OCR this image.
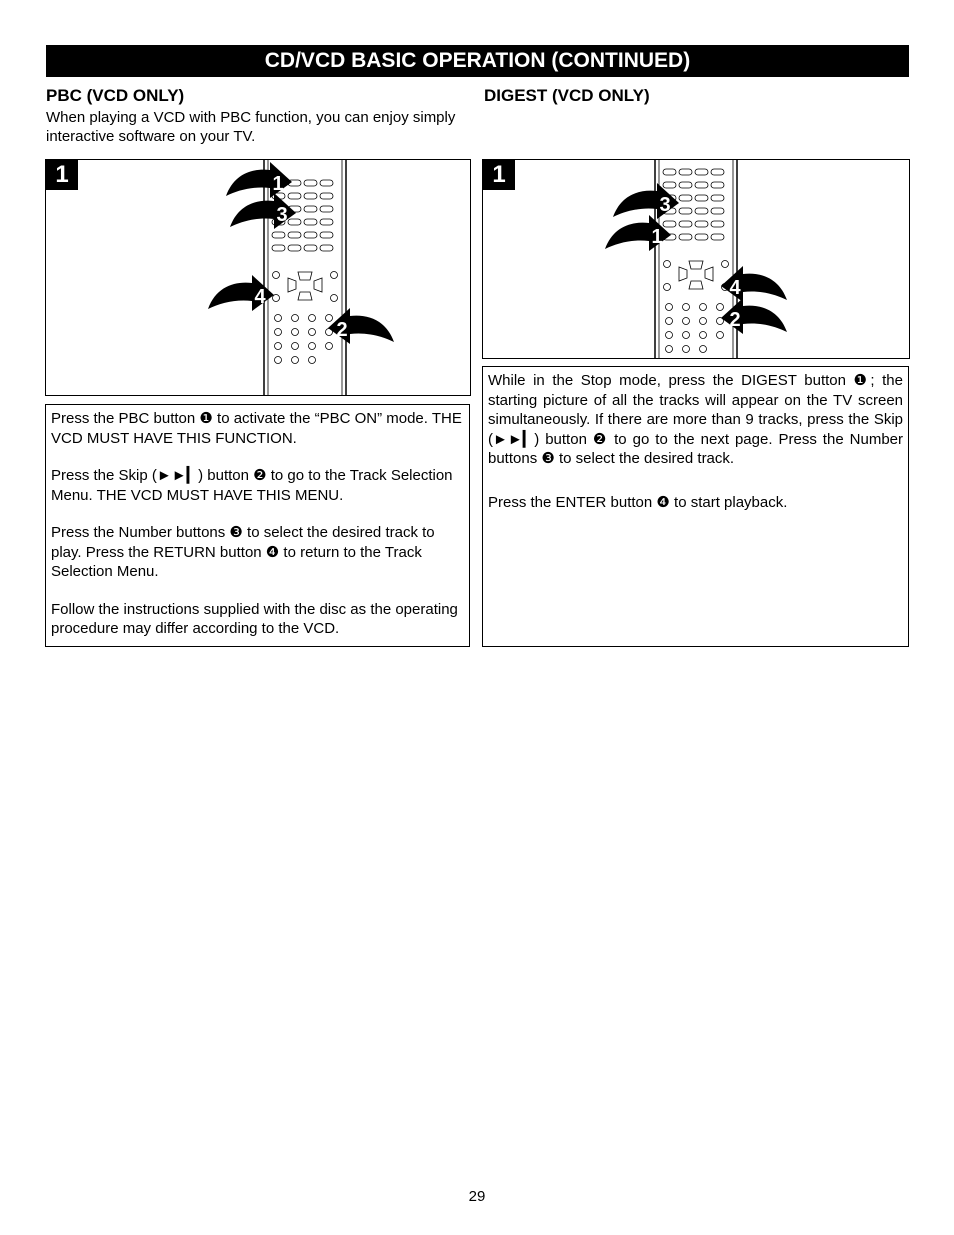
CD/VCD BASIC OPERATION (CONTINUED)
PBC (VCD ONLY)	DIGEST (VCD ONLY)
When playing a VCD with PBC function, you can enjoy simply interactive software on your TV.
1
3
4
2
1
3
1
4
2
1

Press the PBC button ❶ to activate the “PBC ON” mode. THE VCD MUST HAVE THIS FUNCTION.

Press the Skip (►►▎) button ❷ to go to the Track Selection Menu. THE VCD MUST HAVE THIS MENU.

Press the Number buttons ❸ to select the desired track to play. Press the RETURN button ❹ to return to the Track Selection Menu.

Follow the instructions supplied with the disc as the operating procedure may differ according to the VCD.

While in the Stop mode, press the DIGEST button ❶; the starting picture of all the tracks will appear on the TV screen simultaneously. If there are more than 9 tracks, press the Skip (►►▎) button ❷ to go to the next page. Press the Number buttons ❸ to select the desired track.

Press the ENTER button ❹ to start playback.

29
